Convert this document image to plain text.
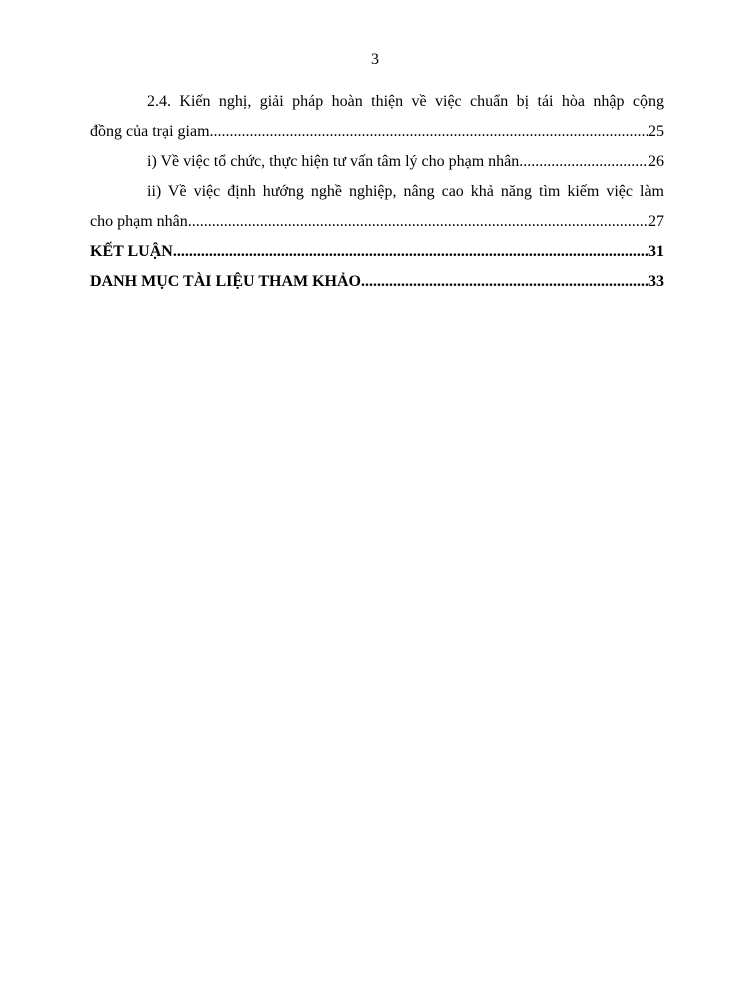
3
2.4. Kiến nghị, giải pháp hoàn thiện về việc chuẩn bị tái hòa nhập cộng
đồng của trại giam .....	25
i) Về việc tổ chức, thực hiện tư vấn tâm lý cho phạm nhân .....	26
ii) Về việc định hướng nghề nghiệp, nâng cao khả năng tìm kiếm việc làm
cho phạm nhân .....	27
KẾT LUẬN .....	31
DANH MỤC TÀI LIỆU THAM KHẢO .....	33
